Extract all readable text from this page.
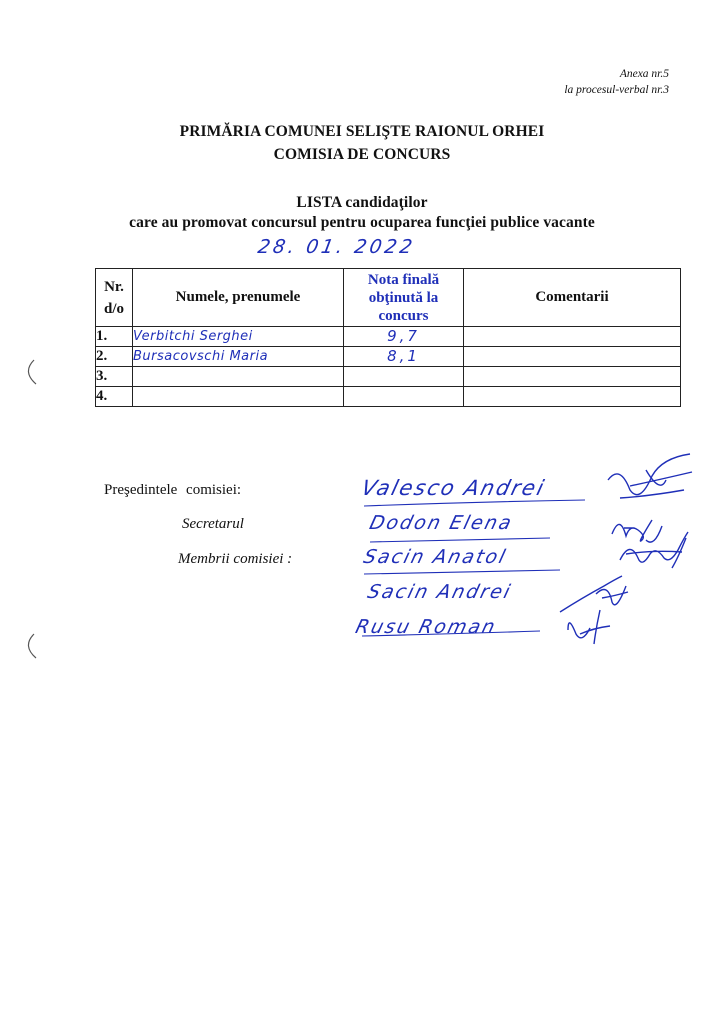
Anexa nr.5
la procesul-verbal nr.3
PRIMĂRIA COMUNEI SELIŞTE RAIONUL ORHEI
COMISIA DE CONCURS
LISTA candidaţilor
care au promovat concursul pentru ocuparea funcţiei publice vacante
28. 01. 2022
Nr. d/o	Numele, prenumele	Nota finală obţinută la concurs	Comentarii
1.	Verbitchi Serghei	9,7	
2.	Bursacovschi Maria	8,1	
3.			
4.			
Preşedintele comisiei:
Secretarul
Membrii comisiei :
Valesco Andrei
Dodon Elena
Sacin Anatol
Sacin Andrei
Rusu Roman
